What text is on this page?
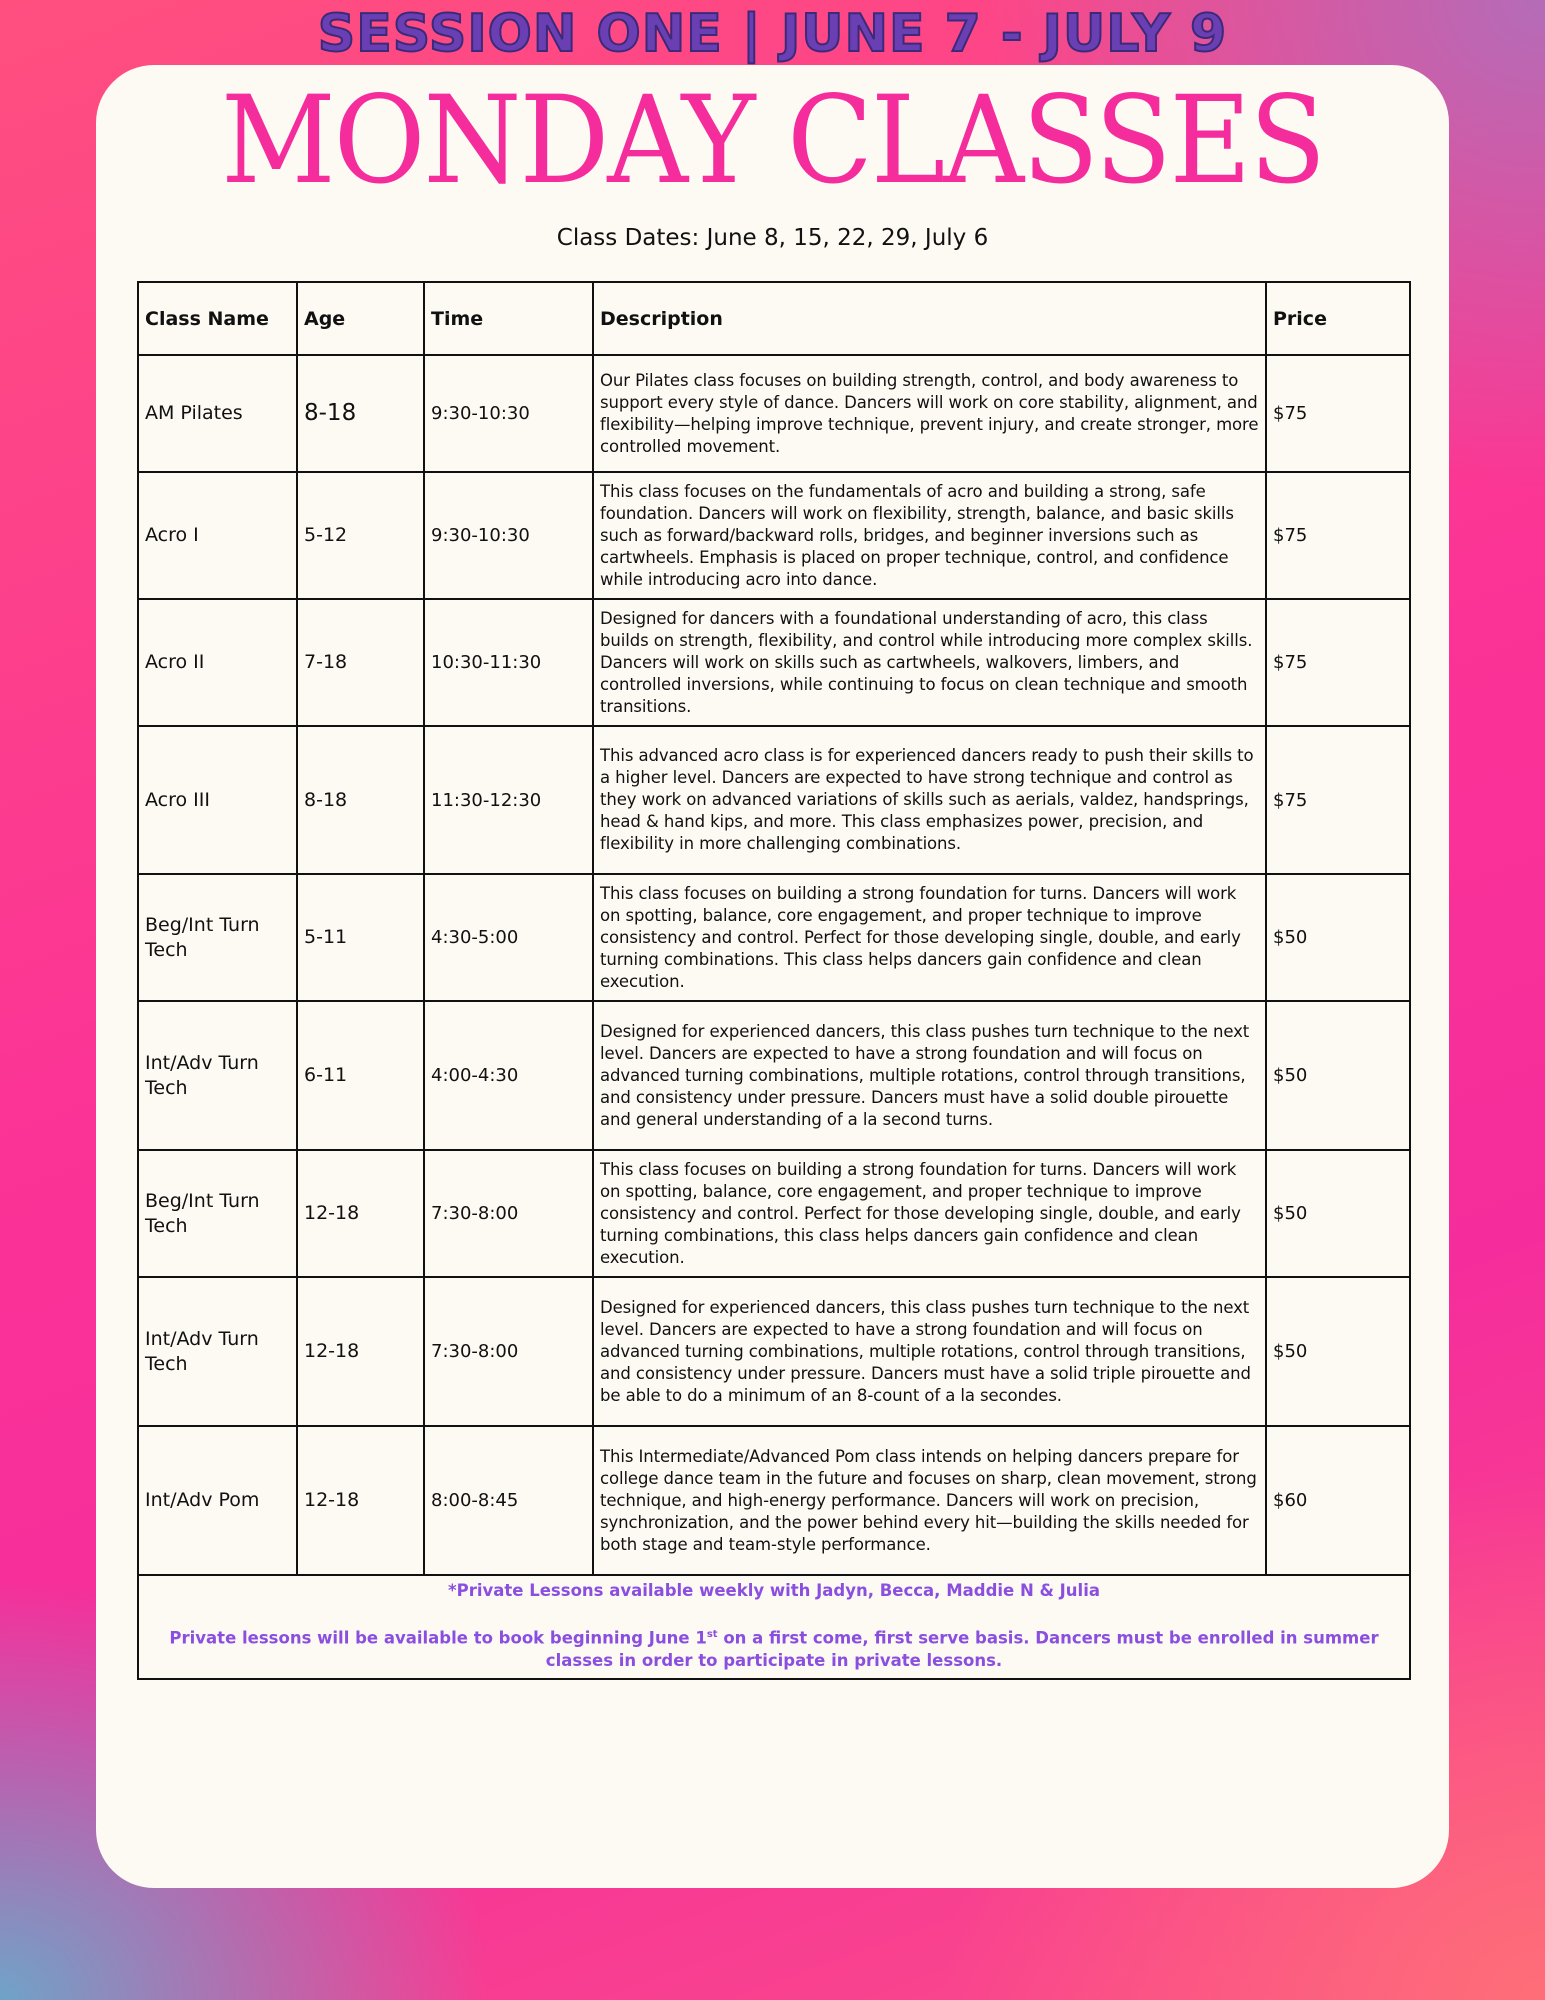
SESSION ONE | JUNE 7 - JULY 9
MONDAY CLASSES
Class Dates: June 8, 15, 22, 29, July 6
Class Name	Age	Time	Description	Price
AM Pilates	8-18	9:30-10:30	Our Pilates class focuses on building strength, control, and body awareness to support every style of dance. Dancers will work on core stability, alignment, and flexibility—helping improve technique, prevent injury, and create stronger, more controlled movement.	$75
Acro I	5-12	9:30-10:30	This class focuses on the fundamentals of acro and building a strong, safe foundation. Dancers will work on flexibility, strength, balance, and basic skills such as forward/backward rolls, bridges, and beginner inversions such as cartwheels. Emphasis is placed on proper technique, control, and confidence while introducing acro into dance.	$75
Acro II	7-18	10:30-11:30	Designed for dancers with a foundational understanding of acro, this class builds on strength, flexibility, and control while introducing more complex skills. Dancers will work on skills such as cartwheels, walkovers, limbers, and controlled inversions, while continuing to focus on clean technique and smooth transitions.	$75
Acro III	8-18	11:30-12:30	This advanced acro class is for experienced dancers ready to push their skills to a higher level. Dancers are expected to have strong technique and control as they work on advanced variations of skills such as aerials, valdez, handsprings, head & hand kips, and more. This class emphasizes power, precision, and flexibility in more challenging combinations.	$75
Beg/Int Turn Tech	5-11	4:30-5:00	This class focuses on building a strong foundation for turns. Dancers will work on spotting, balance, core engagement, and proper technique to improve consistency and control. Perfect for those developing single, double, and early turning combinations. This class helps dancers gain confidence and clean execution.	$50
Int/Adv Turn Tech	6-11	4:00-4:30	Designed for experienced dancers, this class pushes turn technique to the next level. Dancers are expected to have a strong foundation and will focus on advanced turning combinations, multiple rotations, control through transitions, and consistency under pressure. Dancers must have a solid double pirouette and general understanding of a la second turns.	$50
Beg/Int Turn Tech	12-18	7:30-8:00	This class focuses on building a strong foundation for turns. Dancers will work on spotting, balance, core engagement, and proper technique to improve consistency and control. Perfect for those developing single, double, and early turning combinations, this class helps dancers gain confidence and clean execution.	$50
Int/Adv Turn Tech	12-18	7:30-8:00	Designed for experienced dancers, this class pushes turn technique to the next level. Dancers are expected to have a strong foundation and will focus on advanced turning combinations, multiple rotations, control through transitions, and consistency under pressure. Dancers must have a solid triple pirouette and be able to do a minimum of an 8-count of a la secondes.	$50
Int/Adv Pom	12-18	8:00-8:45	This Intermediate/Advanced Pom class intends on helping dancers prepare for college dance team in the future and focuses on sharp, clean movement, strong technique, and high-energy performance. Dancers will work on precision, synchronization, and the power behind every hit—building the skills needed for both stage and team-style performance.	$60

*Private Lessons available weekly with Jadyn, Becca, Maddie N & Julia

Private lessons will be available to book beginning June 1st on a first come, first serve basis. Dancers must be enrolled in summer classes in order to participate in private lessons.				
